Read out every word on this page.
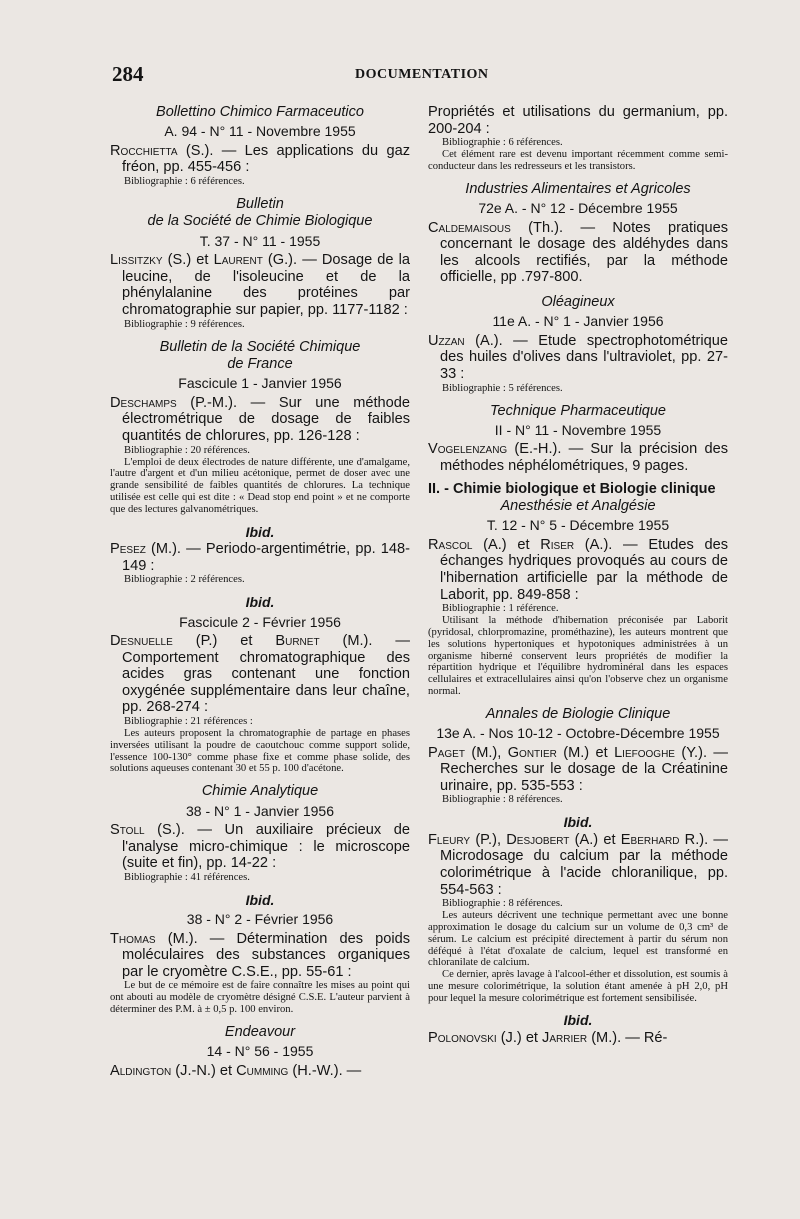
284	DOCUMENTATION
Bollettino Chimico Farmaceutico
A. 94 - N° 11 - Novembre 1955
Rocchietta (S.). — Les applications du gaz fréon, pp. 455-456 :
Bibliographie : 6 références.
Bulletin
de la Société de Chimie Biologique
T. 37 - N° 11 - 1955
Lissitzky (S.) et Laurent (G.). — Dosage de la leucine, de l'isoleucine et de la phénylalanine des protéines par chromatographie sur papier, pp. 1177-1182 :
Bibliographie : 9 références.
Bulletin de la Société Chimique
de France
Fascicule 1 - Janvier 1956
Deschamps (P.-M.). — Sur une méthode électrométrique de dosage de faibles quantités de chlorures, pp. 126-128 :
Bibliographie : 20 références.
L'emploi de deux électrodes de nature différente, une d'amalgame, l'autre d'argent et d'un milieu acétonique, permet de doser avec une grande sensibilité de faibles quantités de chlorures. La technique utilisée est celle qui est dite : « Dead stop end point » et ne comporte que des lectures galvanométriques.
Ibid.
Pesez (M.). — Periodo-argentimétrie, pp. 148-149 :
Bibliographie : 2 références.
Ibid.
Fascicule 2 - Février 1956
Desnuelle (P.) et Burnet (M.). — Comportement chromatographique des acides gras contenant une fonction oxygénée supplémentaire dans leur chaîne, pp. 268-274 :
Bibliographie : 21 références :
Les auteurs proposent la chromatographie de partage en phases inversées utilisant la poudre de caoutchouc comme support solide, l'essence 100-130° comme phase fixe et comme phase solide, des solutions aqueuses contenant 30 et 55 p. 100 d'acétone.
Chimie Analytique
38 - N° 1 - Janvier 1956
Stoll (S.). — Un auxiliaire précieux de l'analyse micro-chimique : le microscope (suite et fin), pp. 14-22 :
Bibliographie : 41 références.
Ibid.
38 - N° 2 - Février 1956
Thomas (M.). — Détermination des poids moléculaires des substances organiques par le cryomètre C.S.E., pp. 55-61 :
Le but de ce mémoire est de faire connaître les mises au point qui ont abouti au modèle de cryomètre désigné C.S.E. L'auteur parvient à déterminer des P.M. à ± 0,5 p. 100 environ.
Endeavour
14 - N° 56 - 1955
Aldington (J.-N.) et Cumming (H.-W.). —
Propriétés et utilisations du germanium, pp. 200-204 :
Bibliographie : 6 références.
Cet élément rare est devenu important récemment comme semi-conducteur dans les redresseurs et les transistors.
Industries Alimentaires et Agricoles
72e A. - N° 12 - Décembre 1955
Caldemaisous (Th.). — Notes pratiques concernant le dosage des aldéhydes dans les alcools rectifiés, par la méthode officielle, pp .797-800.
Oléagineux
11e A. - N° 1 - Janvier 1956
Uzzan (A.). — Etude spectrophotométrique des huiles d'olives dans l'ultraviolet, pp. 27-33 :
Bibliographie : 5 références.
Technique Pharmaceutique
II - N° 11 - Novembre 1955
Vogelenzang (E.-H.). — Sur la précision des méthodes néphélométriques, 9 pages.
II. - Chimie biologique et Biologie clinique
Anesthésie et Analgésie
T. 12 - N° 5 - Décembre 1955
Rascol (A.) et Riser (A.). — Etudes des échanges hydriques provoqués au cours de l'hibernation artificielle par la méthode de Laborit, pp. 849-858 :
Bibliographie : 1 référence.
Utilisant la méthode d'hibernation préconisée par Laborit (pyridosal, chlorpromazine, prométhazine), les auteurs montrent que les solutions hypertoniques et hypotoniques administrées à un organisme hiberné conservent leurs propriétés de modifier la répartition hydrique et l'équilibre hydrominéral dans les espaces cellulaires et extracellulaires ainsi qu'on l'observe chez un organisme normal.
Annales de Biologie Clinique
13e A. - Nos 10-12 - Octobre-Décembre 1955
Paget (M.), Gontier (M.) et Liefooghe (Y.). — Recherches sur le dosage de la Créatinine urinaire, pp. 535-553 :
Bibliographie : 8 références.
Ibid.
Fleury (P.), Desjobert (A.) et Eberhard R.). — Microdosage du calcium par la méthode colorimétrique à l'acide chloranilique, pp. 554-563 :
Bibliographie : 8 références.
Les auteurs décrivent une technique permettant avec une bonne approximation le dosage du calcium sur un volume de 0,3 cm³ de sérum. Le calcium est précipité directement à partir du sérum non déféqué à l'état d'oxalate de calcium, lequel est transformé en chloranilate de calcium.
Ce dernier, après lavage à l'alcool-éther et dissolution, est soumis à une mesure colorimétrique, la solution étant amenée à pH 2,0, pH pour lequel la mesure colorimétrique est fortement sensibilisée.
Ibid.
Polonovski (J.) et Jarrier (M.). — Ré-
